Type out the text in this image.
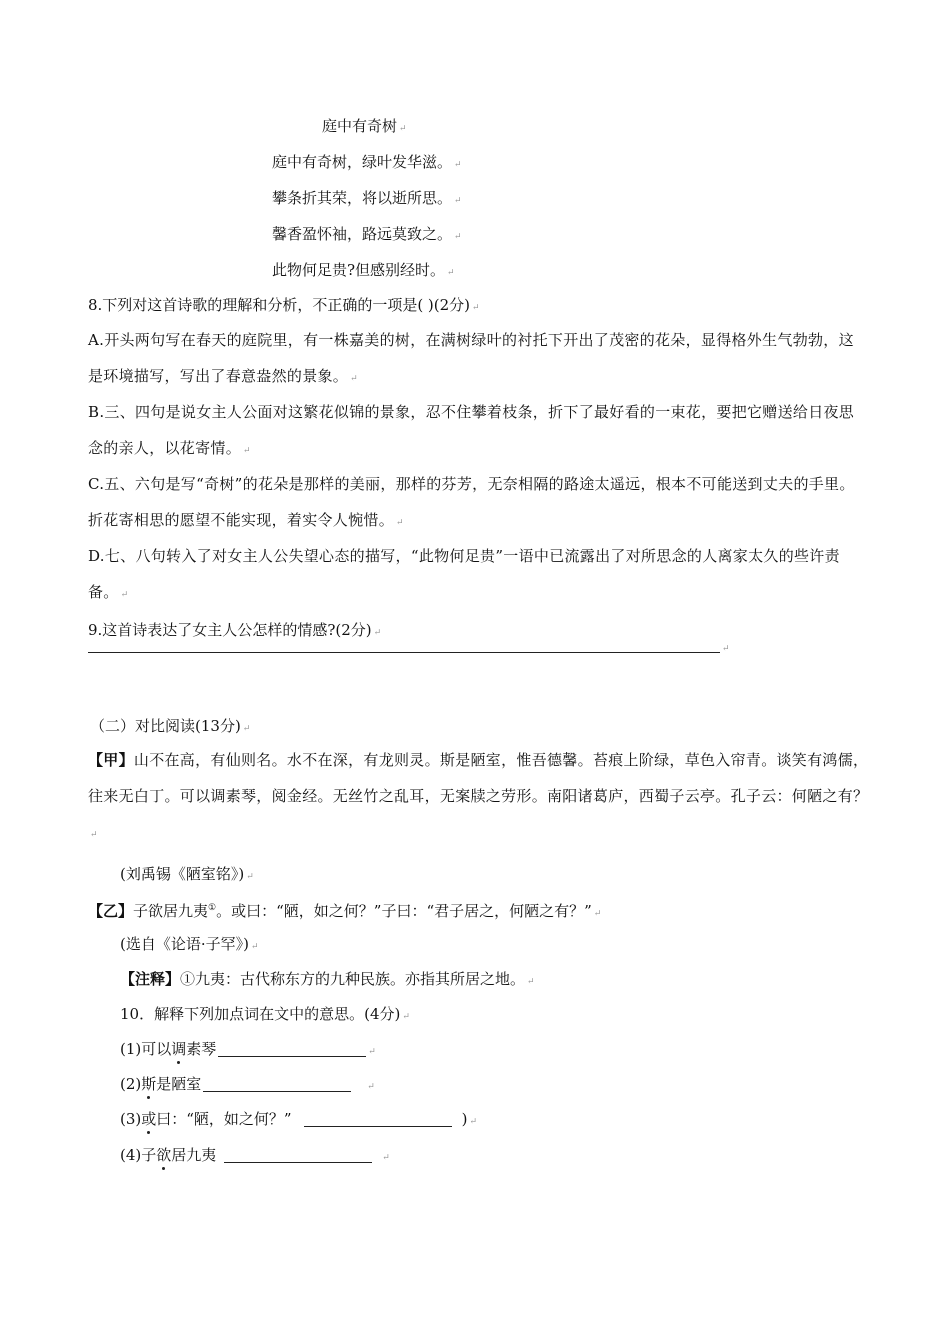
庭中有奇树 ↵
庭中有奇树，绿叶发华滋。 ↵
攀条折其荣，将以逝所思。 ↵
馨香盈怀袖，路远莫致之。 ↵
此物何足贵?但感别经时。 ↵
8.下列对这首诗歌的理解和分析，不正确的一项是( )(2分) ↵
A.开头两句写在春天的庭院里，有一株嘉美的树，在满树绿叶的衬托下开出了茂密的花朵，显得格外生气勃勃，这是环境描写，写出了春意盎然的景象。 ↵
B.三、四句是说女主人公面对这繁花似锦的景象，忍不住攀着枝条，折下了最好看的一束花，要把它赠送给日夜思念的亲人，以花寄情。 ↵
C.五、六句是写“奇树”的花朵是那样的美丽，那样的芬芳，无奈相隔的路途太遥远，根本不可能送到丈夫的手里。折花寄相思的愿望不能实现，着实令人惋惜。 ↵
D.七、八句转入了对女主人公失望心态的描写，“此物何足贵”一语中已流露出了对所思念的人离家太久的些许责备。 ↵
9.这首诗表达了女主人公怎样的情感?(2分) ↵
↵
（二）对比阅读(13分) ↵
【甲】山不在高，有仙则名。水不在深，有龙则灵。斯是陋室，惟吾德馨。苔痕上阶绿，草色入帘青。谈笑有鸿儒，往来无白丁。可以调素琴，阅金经。无丝竹之乱耳，无案牍之劳形。南阳诸葛庐，西蜀子云亭。孔子云：何陋之有？↵
(刘禹锡《陋室铭》) ↵
【乙】子欲居九夷①。或曰：“陋，如之何？”子曰：“君子居之，何陋之有？” ↵
(选自《论语·子罕》) ↵
【注释】①九夷：古代称东方的九种民族。亦指其所居之地。 ↵
10．解释下列加点词在文中的意思。(4分) ↵
(1)可以调素琴	↵
(2)斯是陋室	↵
(3)或曰：“陋，如之何？”	) ↵
(4)子欲居九夷	↵
